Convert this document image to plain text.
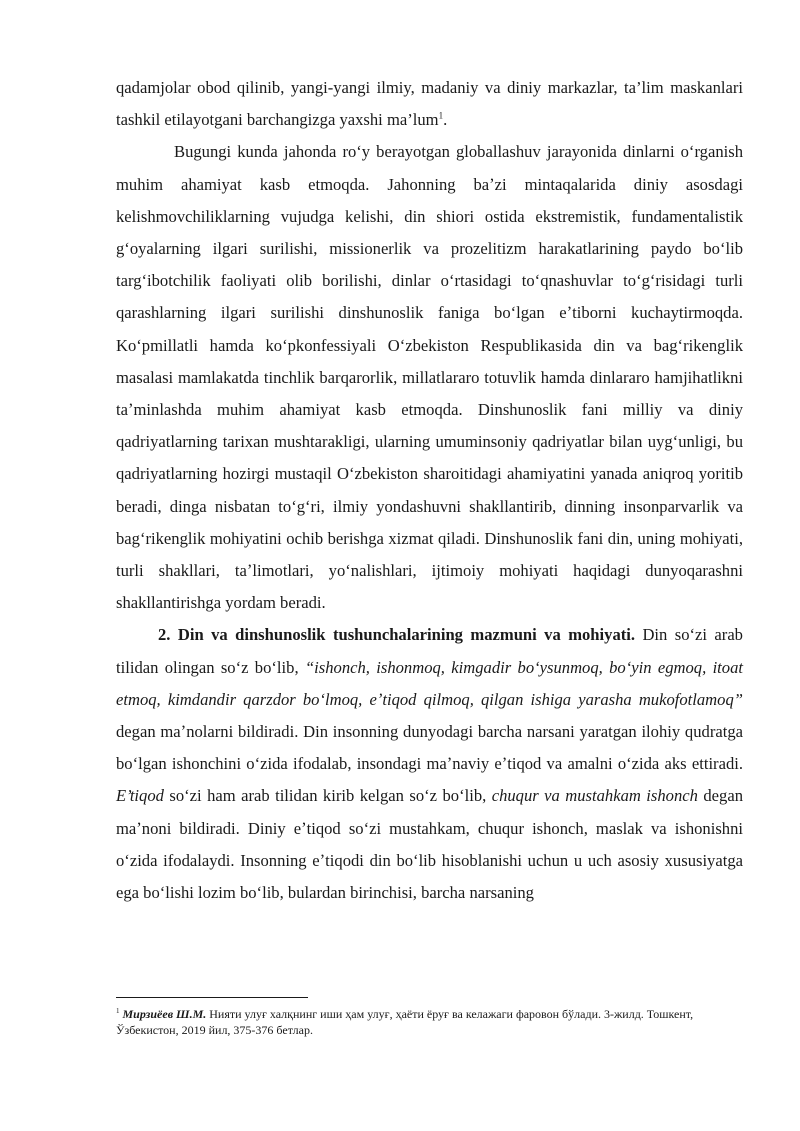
qadamjolar obod qilinib, yangi-yangi ilmiy, madaniy va diniy markazlar, ta’lim maskanlari tashkil etilayotgani barchangizga yaxshi ma’lum$^1$.

Bugungi kunda jahonda roʻy berayotgan globallashuv jarayonida dinlarni oʻrganish muhim ahamiyat kasb etmoqda. Jahonning baʼzi mintaqalarida diniy asosdagi kelishmovchiliklarning vujudga kelishi, din shiori ostida ekstremistik, fundamentalistik gʻoyalarning ilgari surilishi, missionerlik va prozelitizm harakatlarining paydo boʻlib targʻibotchilik faoliyati olib borilishi, dinlar oʻrtasidagi toʻqnashuvlar toʻgʻrisidagi turli qarashlarning ilgari surilishi dinshunoslik faniga boʻlgan eʼtiborni kuchaytirmoqda. Koʻpmillatli hamda koʻpkonfessiyali Oʻzbekiston Respublikasida din va bagʻrikenglik masalasi mamlakatda tinchlik barqarorlik, millatlararo totuvlik hamda dinlararo hamjihatlikni taʼminlashda muhim ahamiyat kasb etmoqda. Dinshunoslik fani milliy va diniy qadriyatlarning tarixan mushtarakligi, ularning umuminsoniy qadriyatlar bilan uygʻunligi, bu qadriyatlarning hozirgi mustaqil Oʻzbekiston sharoitidagi ahamiyatini yanada aniqroq yoritib beradi, dinga nisbatan toʻgʻri, ilmiy yondashuvni shakllantirib, dinning insonparvarlik va bagʻrikenglik mohiyatini ochib berishga xizmat qiladi. Dinshunoslik fani din, uning mohiyati, turli shakllari, taʼlimotlari, yoʻnalishlari, ijtimoiy mohiyati haqidagi dunyoqarashni shakllantirishga yordam beradi.

2. Din va dinshunoslik tushunchalarining mazmuni va mohiyati. Din soʻzi arab tilidan olingan soʻz boʻlib, “ishonch, ishonmoq, kimgadir boʻysunmoq, boʻyin egmoq, itoat etmoq, kimdandir qarzdor boʻlmoq, eʼtiqod qilmoq, qilgan ishiga yarasha mukofotlamoq” degan maʼnolarni bildiradi. Din insonning dunyodagi barcha narsani yaratgan ilohiy qudratga boʻlgan ishonchini oʻzida ifodalab, insondagi maʼnaviy eʼtiqod va amalni oʻzida aks ettiradi. E’tiqod soʻzi ham arab tilidan kirib kelgan soʻz boʻlib, chuqur va mustahkam ishonch degan maʼnoni bildiradi. Diniy eʼtiqod soʻzi mustahkam, chuqur ishonch, maslak va ishonishni oʻzida ifodalaydi. Insonning eʼtiqodi din boʻlib hisoblanishi uchun u uch asosiy xususiyatga ega boʻlishi lozim boʻlib, bulardan birinchisi, barcha narsaning

$^1$ Мирзиёев Ш.М. Нияти улуғ халқнинг иши ҳам улуғ, ҳаёти ёруғ ва келажаги фаровон бўлади. 3-жилд. Тошкент, Ўзбекистон, 2019 йил, 375-376 бетлар.
